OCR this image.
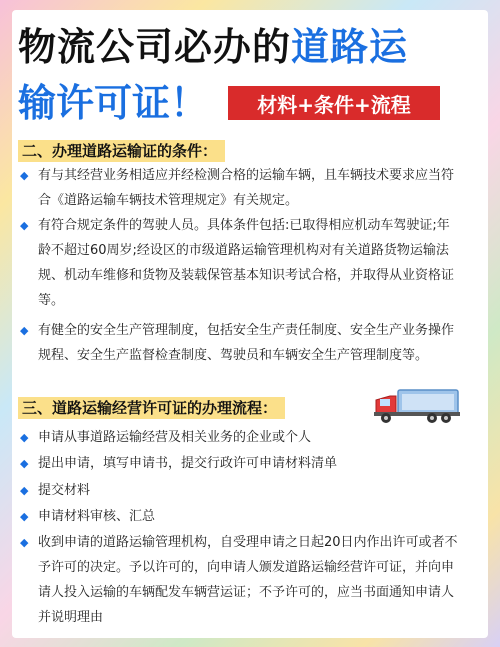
物流公司必办的道路运
输许可证！	材料+条件+流程
二、办理道路运输证的条件：
◆ 有与其经营业务相适应并经检测合格的运输车辆，且车辆技术要求应当符合《道路运输车辆技术管理规定》有关规定。
◆ 有符合规定条件的驾驶人员。具体条件包括:已取得相应机动车驾驶证;年龄不超过60周岁;经设区的市级道路运输管理机构对有关道路货物运输法规、机动车维修和货物及装载保管基本知识考试合格，并取得从业资格证等。
◆ 有健全的安全生产管理制度，包括安全生产责任制度、安全生产业务操作规程、安全生产监督检查制度、驾驶员和车辆安全生产管理制度等。
三、道路运输经营许可证的办理流程：
◆ 申请从事道路运输经营及相关业务的企业或个人
◆ 提出申请，填写申请书，提交行政许可申请材料清单
◆ 提交材料
◆ 申请材料审核、汇总
◆ 收到申请的道路运输管理机构，自受理申请之日起20日内作出许可或者不予许可的决定。予以许可的，向申请人颁发道路运输经营许可证，并向申请人投入运输的车辆配发车辆营运证；不予许可的，应当书面通知申请人并说明理由
